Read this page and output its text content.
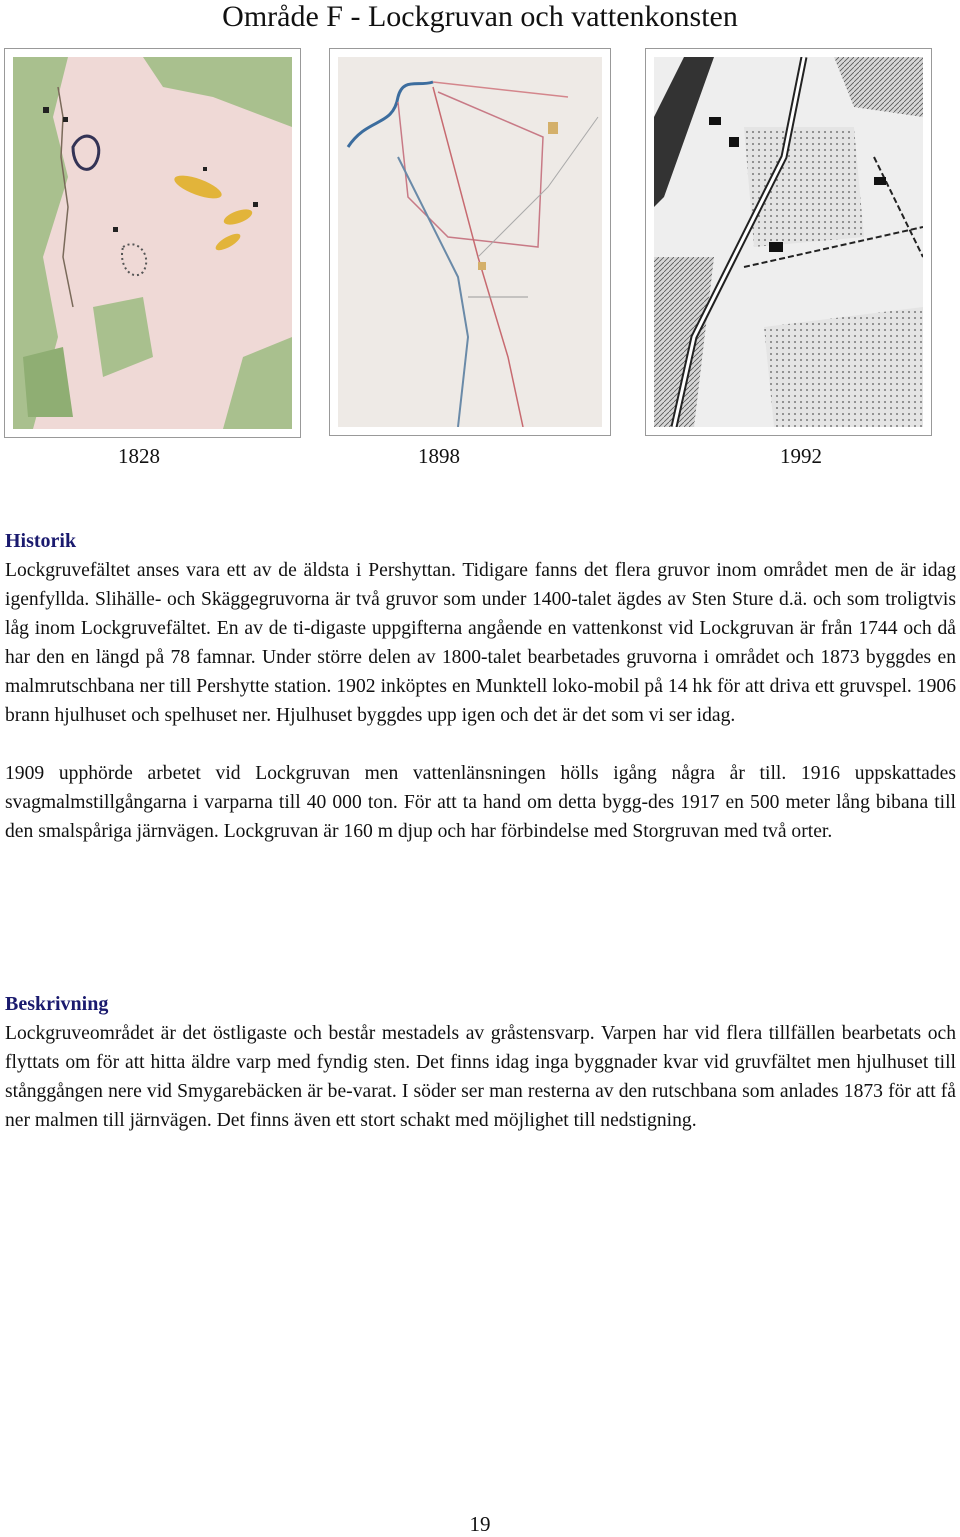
Område F - Lockgruvan och vattenkonsten
1828	1898	1992
Historik

Lockgruvefältet anses vara ett av de äldsta i Pershyttan. Tidigare fanns det flera gruvor inom området men de är idag igenfyllda. Slihälle- och Skäggegruvorna är två gruvor som under 1400-talet ägdes av Sten Sture d.ä. och som troligtvis låg inom Lockgruvefältet. En av de ti-digaste uppgifterna angående en vattenkonst vid Lockgruvan är från 1744 och då har den en längd på 78 famnar. Under större delen av 1800-talet bearbetades gruvorna i området och 1873 byggdes en malmrutschbana ner till Pershytte station. 1902 inköptes en Munktell loko-mobil på 14 hk för att driva ett gruvspel. 1906 brann hjulhuset och spelhuset ner. Hjulhuset byggdes upp igen och det är det som vi ser idag.

1909 upphörde arbetet vid Lockgruvan men vattenlänsningen hölls igång några år till. 1916 uppskattades svagmalmstillgångarna i varparna till 40 000 ton. För att ta hand om detta bygg-des 1917 en 500 meter lång bibana till den smalspåriga järnvägen. Lockgruvan är 160 m djup och har förbindelse med Storgruvan med två orter.

Beskrivning

Lockgruveområdet är det östligaste och består mestadels av gråstensvarp. Varpen har vid flera tillfällen bearbetats och flyttats om för att hitta äldre varp med fyndig sten. Det finns idag inga byggnader kvar vid gruvfältet men hjulhuset till stånggången nere vid Smygarebäcken är be-varat. I söder ser man resterna av den rutschbana som anlades 1873 för att få ner malmen till järnvägen. Det finns även ett stort schakt med möjlighet till nedstigning.

19
